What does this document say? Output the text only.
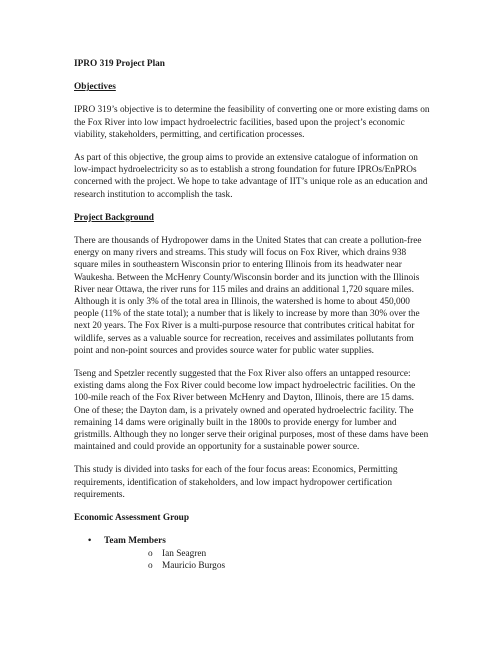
IPRO 319 Project Plan
Objectives

IPRO 319’s objective is to determine the feasibility of converting one or more existing dams on the Fox River into low impact hydroelectric facilities, based upon the project’s economic viability, stakeholders, permitting, and certification processes.

As part of this objective, the group aims to provide an extensive catalogue of information on low-impact hydroelectricity so as to establish a strong foundation for future IPROs/EnPROs concerned with the project. We hope to take advantage of IIT’s unique role as an education and research institution to accomplish the task.

Project Background

There are thousands of Hydropower dams in the United States that can create a pollution-free energy on many rivers and streams. This study will focus on Fox River, which drains 938 square miles in southeastern Wisconsin prior to entering Illinois from its headwater near Waukesha. Between the McHenry County/Wisconsin border and its junction with the Illinois River near Ottawa, the river runs for 115 miles and drains an additional 1,720 square miles. Although it is only 3% of the total area in Illinois, the watershed is home to about 450,000 people (11% of the state total); a number that is likely to increase by more than 30% over the next 20 years. The Fox River is a multi-purpose resource that contributes critical habitat for wildlife, serves as a valuable source for recreation, receives and assimilates pollutants from point and non-point sources and provides source water for public water supplies.

Tseng and Spetzler recently suggested that the Fox River also offers an untapped resource: existing dams along the Fox River could become low impact hydroelectric facilities. On the 100-mile reach of the Fox River between McHenry and Dayton, Illinois, there are 15 dams. One of these; the Dayton dam, is a privately owned and operated hydroelectric facility. The remaining 14 dams were originally built in the 1800s to provide energy for lumber and gristmills. Although they no longer serve their original purposes, most of these dams have been maintained and could provide an opportunity for a sustainable power source.

This study is divided into tasks for each of the four focus areas: Economics, Permitting requirements, identification of stakeholders, and low impact hydropower certification requirements.

Economic Assessment Group
• Team Members
o Ian Seagren
o Mauricio Burgos
